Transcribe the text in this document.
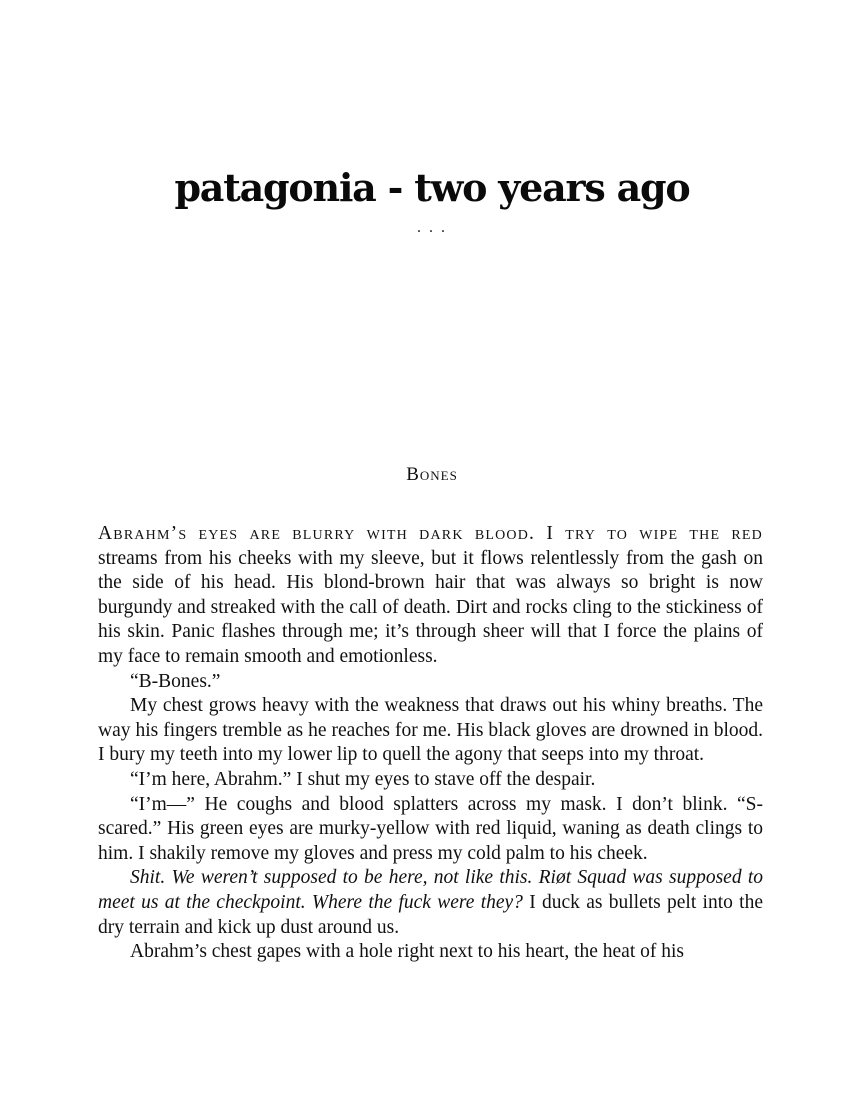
patagonia - two years ago
. . .
Bones

Abrahm’s eyes are blurry with dark blood. I try to wipe the red streams from his cheeks with my sleeve, but it flows relentlessly from the gash on the side of his head. His blond-brown hair that was always so bright is now burgundy and streaked with the call of death. Dirt and rocks cling to the stickiness of his skin. Panic flashes through me; it’s through sheer will that I force the plains of my face to remain smooth and emotionless.

“B-Bones.”

My chest grows heavy with the weakness that draws out his whiny breaths. The way his fingers tremble as he reaches for me. His black gloves are drowned in blood. I bury my teeth into my lower lip to quell the agony that seeps into my throat.

“I’m here, Abrahm.” I shut my eyes to stave off the despair.

“I’m—” He coughs and blood splatters across my mask. I don’t blink. “S-scared.” His green eyes are murky-yellow with red liquid, waning as death clings to him. I shakily remove my gloves and press my cold palm to his cheek.

Shit. We weren’t supposed to be here, not like this. Riøt Squad was supposed to meet us at the checkpoint. Where the fuck were they? I duck as bullets pelt into the dry terrain and kick up dust around us.

Abrahm’s chest gapes with a hole right next to his heart, the heat of his
